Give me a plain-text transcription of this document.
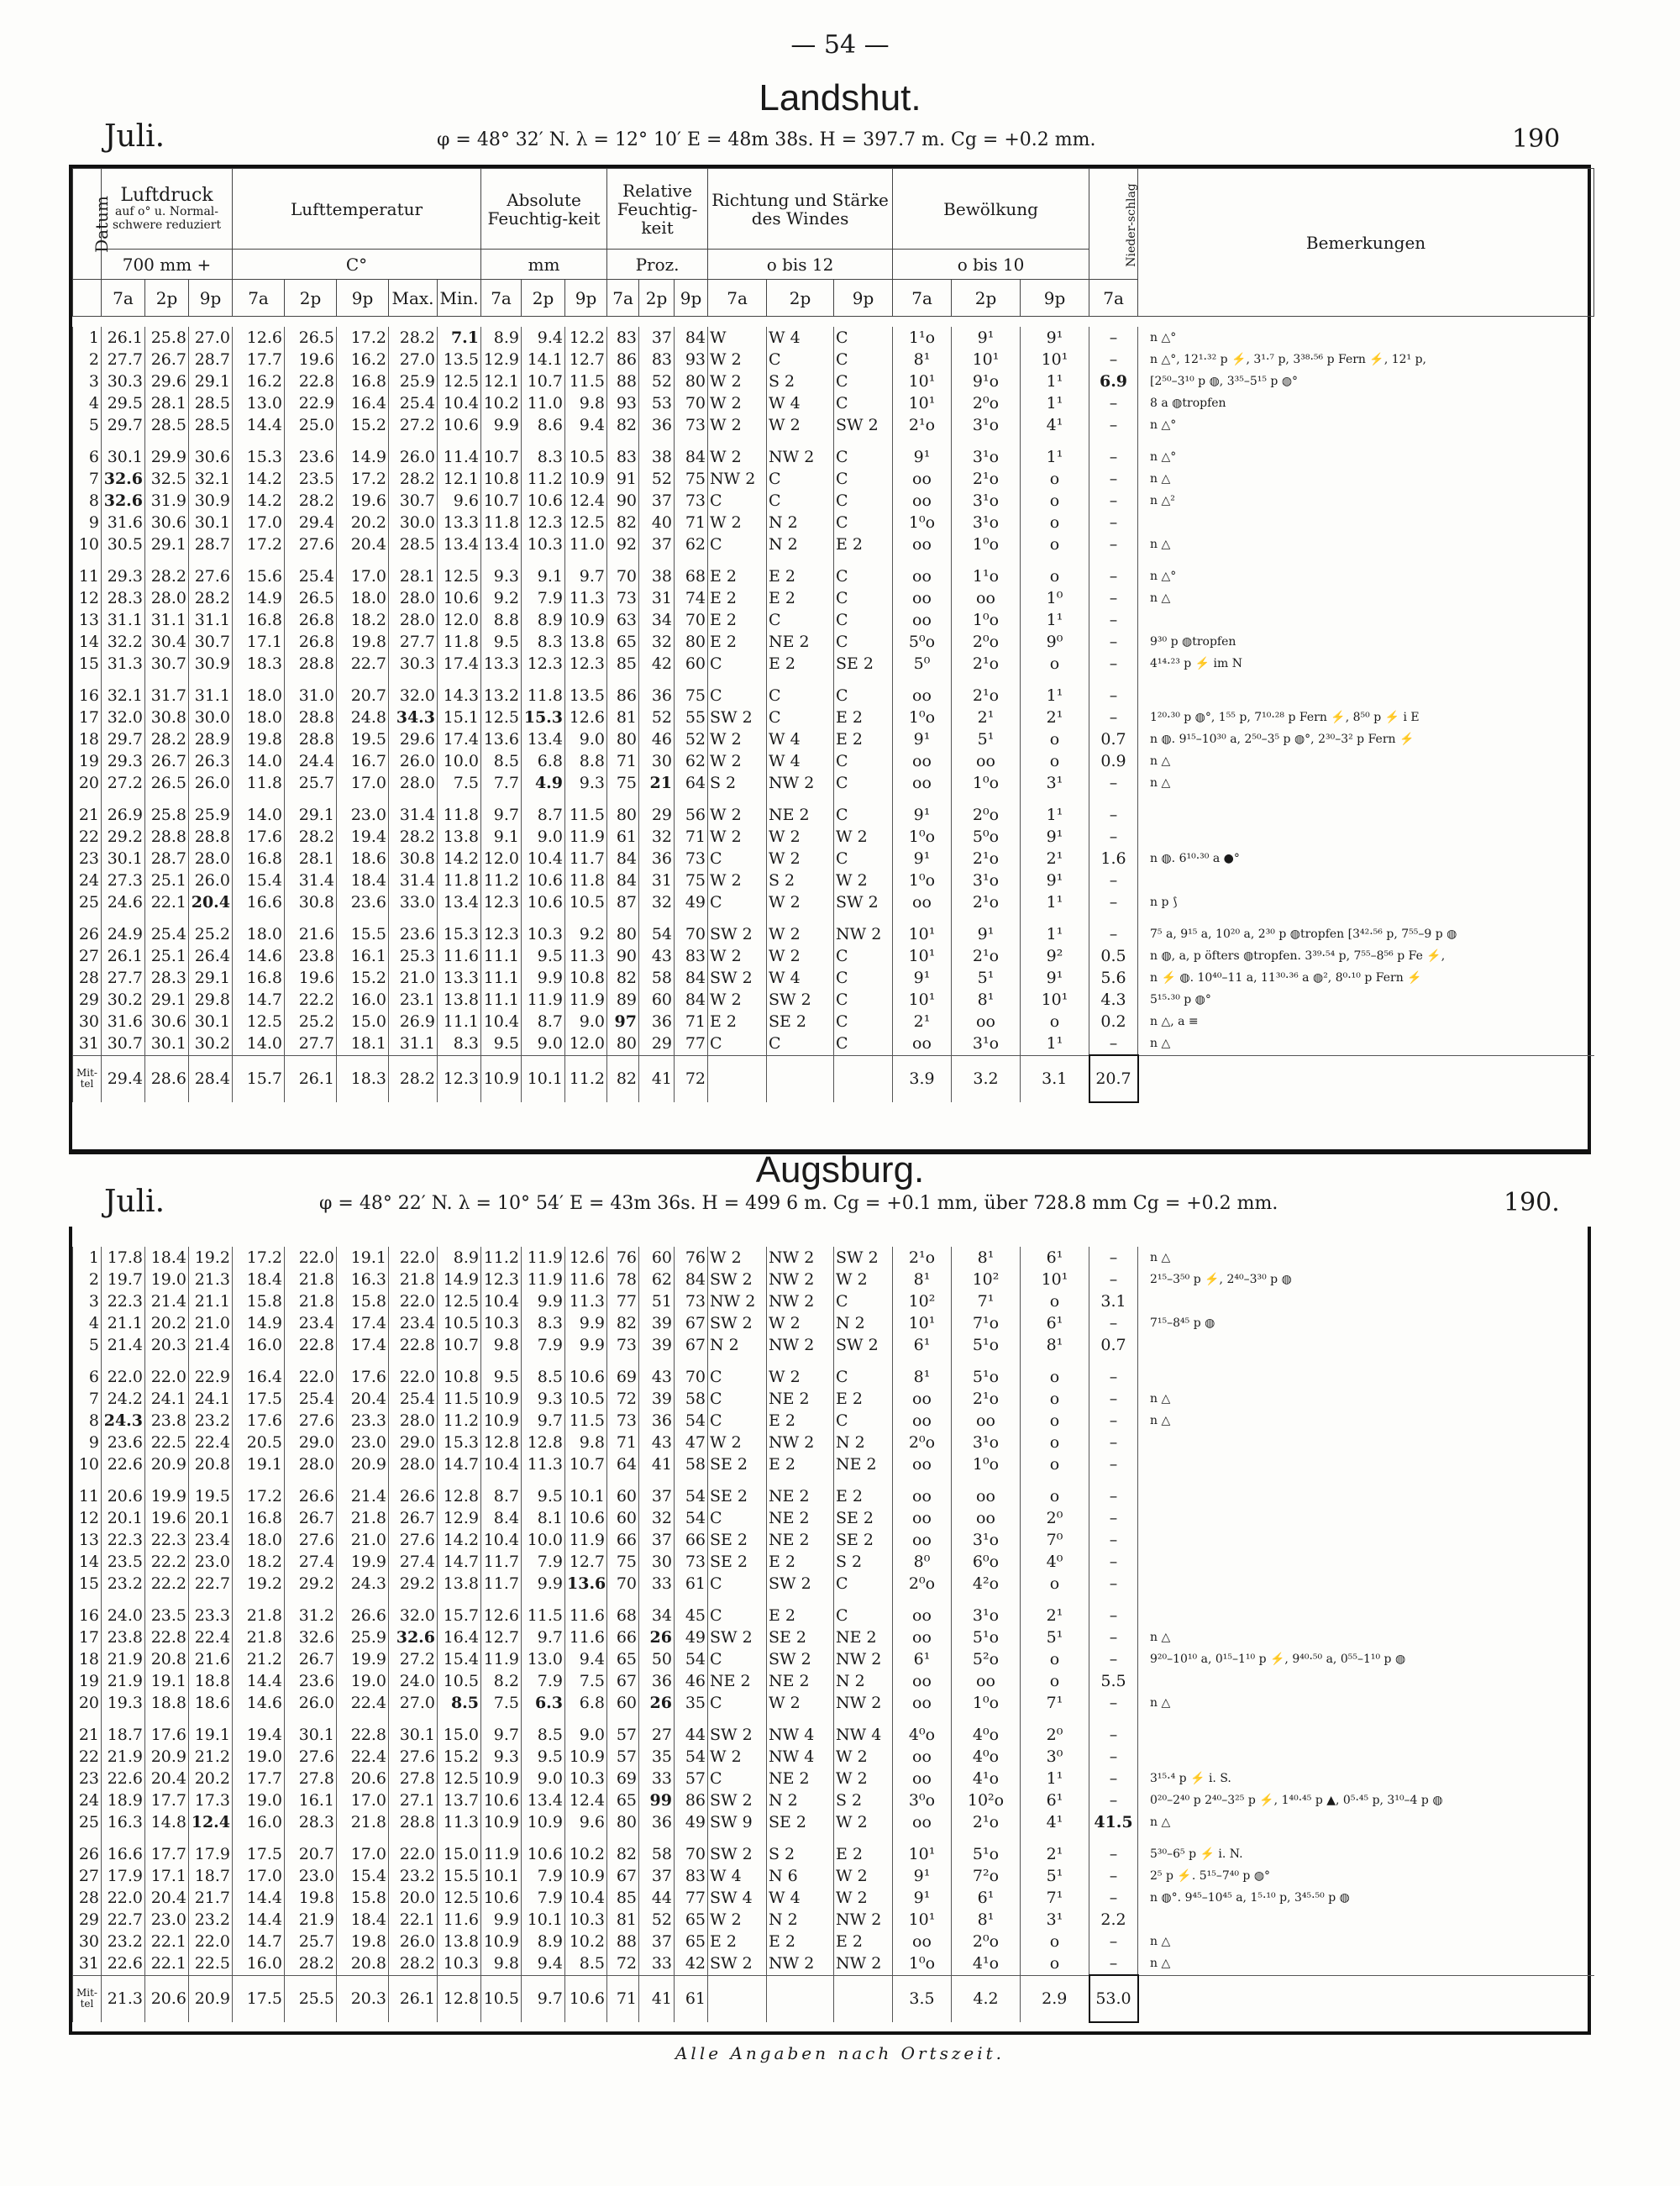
— 54 —
Landshut.
Juli.	φ = 48° 32′ N. λ = 12° 10′ E = 48m 38s. H = 397.7 m. Cg = +0.2 mm.	190
Datum	Luftdruck
auf o° u. Normal-schwere reduziert			Lufttemperatur					Absolute Feuchtig-keit			Relative Feuchtig-keit			Richtung und Stärke des Windes			Bewölkung			Nieder-schlag	Bemerkungen
	700 mm +			C°					mm			Proz.			o bis 12			o bis 10				
	7a	2p	9p	7a	2p	9p	Max.	Min.	7a	2p	9p	7a	2p	9p	7a	2p	9p	7a	2p	9p	7a	
1	26.1	25.8	27.0	12.6	26.5	17.2	28.2	7.1	8.9	9.4	12.2	83	37	84	W	W 4	C	1¹o	9¹	9¹	–	n △°
2	27.7	26.7	28.7	17.7	19.6	16.2	27.0	13.5	12.9	14.1	12.7	86	83	93	W 2	C	C	8¹	10¹	10¹	–	n △°, 12¹·³² p ⚡, 3¹·⁷ p, 3³⁸·⁵⁶ p Fern ⚡, 12¹ p,
3	30.3	29.6	29.1	16.2	22.8	16.8	25.9	12.5	12.1	10.7	11.5	88	52	80	W 2	S 2	C	10¹	9¹o	1¹	6.9	[2⁵⁰–3¹⁰ p ◍, 3³⁵–5¹⁵ p ◍°
4	29.5	28.1	28.5	13.0	22.9	16.4	25.4	10.4	10.2	11.0	9.8	93	53	70	W 2	W 4	C	10¹	2⁰o	1¹	–	8 a ◍tropfen
5	29.7	28.5	28.5	14.4	25.0	15.2	27.2	10.6	9.9	8.6	9.4	82	36	73	W 2	W 2	SW 2	2¹o	3¹o	4¹	–	n △°

6	30.1	29.9	30.6	15.3	23.6	14.9	26.0	11.4	10.7	8.3	10.5	83	38	84	W 2	NW 2	C	9¹	3¹o	1¹	–	n △°
7	32.6	32.5	32.1	14.2	23.5	17.2	28.2	12.1	10.8	11.2	10.9	91	52	75	NW 2	C	C	oo	2¹o	o	–	n △
8	32.6	31.9	30.9	14.2	28.2	19.6	30.7	9.6	10.7	10.6	12.4	90	37	73	C	C	C	oo	3¹o	o	–	n △²
9	31.6	30.6	30.1	17.0	29.4	20.2	30.0	13.3	11.8	12.3	12.5	82	40	71	W 2	N 2	C	1⁰o	3¹o	o	–	
10	30.5	29.1	28.7	17.2	27.6	20.4	28.5	13.4	13.4	10.3	11.0	92	37	62	C	N 2	E 2	oo	1⁰o	o	–	n △

11	29.3	28.2	27.6	15.6	25.4	17.0	28.1	12.5	9.3	9.1	9.7	70	38	68	E 2	E 2	C	oo	1¹o	o	–	n △°
12	28.3	28.0	28.2	14.9	26.5	18.0	28.0	10.6	9.2	7.9	11.3	73	31	74	E 2	E 2	C	oo	oo	1⁰	–	n △
13	31.1	31.1	31.1	16.8	26.8	18.2	28.0	12.0	8.8	8.9	10.9	63	34	70	E 2	C	C	oo	1⁰o	1¹	–	
14	32.2	30.4	30.7	17.1	26.8	19.8	27.7	11.8	9.5	8.3	13.8	65	32	80	E 2	NE 2	C	5⁰o	2⁰o	9⁰	–	9³⁰ p ◍tropfen
15	31.3	30.7	30.9	18.3	28.8	22.7	30.3	17.4	13.3	12.3	12.3	85	42	60	C	E 2	SE 2	5⁰	2¹o	o	–	4¹⁴·²³ p ⚡ im N

16	32.1	31.7	31.1	18.0	31.0	20.7	32.0	14.3	13.2	11.8	13.5	86	36	75	C	C	C	oo	2¹o	1¹	–	
17	32.0	30.8	30.0	18.0	28.8	24.8	34.3	15.1	12.5	15.3	12.6	81	52	55	SW 2	C	E 2	1⁰o	2¹	2¹	–	1²⁰·³⁰ p ◍°, 1⁵⁵ p, 7¹⁰·²⁸ p Fern ⚡, 8⁵⁰ p ⚡ i E
18	29.7	28.2	28.9	19.8	28.8	19.5	29.6	17.4	13.6	13.4	9.0	80	46	52	W 2	W 4	E 2	9¹	5¹	o	0.7	n ◍. 9¹⁵–10³⁰ a, 2⁵⁰–3⁵ p ◍°, 2³⁰–3² p Fern ⚡
19	29.3	26.7	26.3	14.0	24.4	16.7	26.0	10.0	8.5	6.8	8.8	71	30	62	W 2	W 4	C	oo	oo	o	0.9	n △
20	27.2	26.5	26.0	11.8	25.7	17.0	28.0	7.5	7.7	4.9	9.3	75	21	64	S 2	NW 2	C	oo	1⁰o	3¹	–	n △

21	26.9	25.8	25.9	14.0	29.1	23.0	31.4	11.8	9.7	8.7	11.5	80	29	56	W 2	NE 2	C	9¹	2⁰o	1¹	–	
22	29.2	28.8	28.8	17.6	28.2	19.4	28.2	13.8	9.1	9.0	11.9	61	32	71	W 2	W 2	W 2	1⁰o	5⁰o	9¹	–	
23	30.1	28.7	28.0	16.8	28.1	18.6	30.8	14.2	12.0	10.4	11.7	84	36	73	C	W 2	C	9¹	2¹o	2¹	1.6	n ◍. 6¹⁰·³⁰ a ●°
24	27.3	25.1	26.0	15.4	31.4	18.4	31.4	11.8	11.2	10.6	11.8	84	31	75	W 2	S 2	W 2	1⁰o	3¹o	9¹	–	
25	24.6	22.1	20.4	16.6	30.8	23.6	33.0	13.4	12.3	10.6	10.5	87	32	49	C	W 2	SW 2	oo	2¹o	1¹	–	n p ⟆

26	24.9	25.4	25.2	18.0	21.6	15.5	23.6	15.3	12.3	10.3	9.2	80	54	70	SW 2	W 2	NW 2	10¹	9¹	1¹	–	7⁵ a, 9¹⁵ a, 10²⁰ a, 2³⁰ p ◍tropfen [3⁴²·⁵⁶ p, 7⁵⁵–9 p ◍
27	26.1	25.1	26.4	14.6	23.8	16.1	25.3	11.6	11.1	9.5	11.3	90	43	83	W 2	W 2	C	10¹	2¹o	9²	0.5	n ◍, a, p öfters ◍tropfen. 3³⁹·⁵⁴ p, 7⁵⁵–8⁵⁶ p Fe ⚡,
28	27.7	28.3	29.1	16.8	19.6	15.2	21.0	13.3	11.1	9.9	10.8	82	58	84	SW 2	W 4	C	9¹	5¹	9¹	5.6	n ⚡ ◍. 10⁴⁰–11 a, 11³⁰·³⁶ a ◍², 8⁰·¹⁰ p Fern ⚡
29	30.2	29.1	29.8	14.7	22.2	16.0	23.1	13.8	11.1	11.9	11.9	89	60	84	W 2	SW 2	C	10¹	8¹	10¹	4.3	5¹⁵·³⁰ p ◍°
30	31.6	30.6	30.1	12.5	25.2	15.0	26.9	11.1	10.4	8.7	9.0	97	36	71	E 2	SE 2	C	2¹	oo	o	0.2	n △, a ≡
31	30.7	30.1	30.2	14.0	27.7	18.1	31.1	8.3	9.5	9.0	12.0	80	29	77	C	C	C	oo	3¹o	1¹	–	n △
Mit-tel	29.4	28.6	28.4	15.7	26.1	18.3	28.2	12.3	10.9	10.1	11.2	82	41	72				3.9	3.2	3.1	20.7	
Augsburg.
Juli.	φ = 48° 22′ N. λ = 10° 54′ E = 43m 36s. H = 499 6 m. Cg = +0.1 mm, über 728.8 mm Cg = +0.2 mm.	190.
1	17.8	18.4	19.2	17.2	22.0	19.1	22.0	8.9	11.2	11.9	12.6	76	60	76	W 2	NW 2	SW 2	2¹o	8¹	6¹	–	n △
2	19.7	19.0	21.3	18.4	21.8	16.3	21.8	14.9	12.3	11.9	11.6	78	62	84	SW 2	NW 2	W 2	8¹	10²	10¹	–	2¹⁵–3⁵⁰ p ⚡, 2⁴⁰–3³⁰ p ◍
3	22.3	21.4	21.1	15.8	21.8	15.8	22.0	12.5	10.4	9.9	11.3	77	51	73	NW 2	NW 2	C	10²	7¹	o	3.1	
4	21.1	20.2	21.0	14.9	23.4	17.4	23.4	10.5	10.3	8.3	9.9	82	39	67	SW 2	W 2	N 2	10¹	7¹o	6¹	–	7¹⁵–8⁴⁵ p ◍
5	21.4	20.3	21.4	16.0	22.8	17.4	22.8	10.7	9.8	7.9	9.9	73	39	67	N 2	NW 2	SW 2	6¹	5¹o	8¹	0.7	

6	22.0	22.0	22.9	16.4	22.0	17.6	22.0	10.8	9.5	8.5	10.6	69	43	70	C	W 2	C	8¹	5¹o	o	–	
7	24.2	24.1	24.1	17.5	25.4	20.4	25.4	11.5	10.9	9.3	10.5	72	39	58	C	NE 2	E 2	oo	2¹o	o	–	n △
8	24.3	23.8	23.2	17.6	27.6	23.3	28.0	11.2	10.9	9.7	11.5	73	36	54	C	E 2	C	oo	oo	o	–	n △
9	23.6	22.5	22.4	20.5	29.0	23.0	29.0	15.3	12.8	12.8	9.8	71	43	47	W 2	NW 2	N 2	2⁰o	3¹o	o	–	
10	22.6	20.9	20.8	19.1	28.0	20.9	28.0	14.7	10.4	11.3	10.7	64	41	58	SE 2	E 2	NE 2	oo	1⁰o	o	–	

11	20.6	19.9	19.5	17.2	26.6	21.4	26.6	12.8	8.7	9.5	10.1	60	37	54	SE 2	NE 2	E 2	oo	oo	o	–	
12	20.1	19.6	20.1	16.8	26.7	21.8	26.7	12.9	8.4	8.1	10.6	60	32	54	C	NE 2	SE 2	oo	oo	2⁰	–	
13	22.3	22.3	23.4	18.0	27.6	21.0	27.6	14.2	10.4	10.0	11.9	66	37	66	SE 2	NE 2	SE 2	oo	3¹o	7⁰	–	
14	23.5	22.2	23.0	18.2	27.4	19.9	27.4	14.7	11.7	7.9	12.7	75	30	73	SE 2	E 2	S 2	8⁰	6⁰o	4⁰	–	
15	23.2	22.2	22.7	19.2	29.2	24.3	29.2	13.8	11.7	9.9	13.6	70	33	61	C	SW 2	C	2⁰o	4²o	o	–	

16	24.0	23.5	23.3	21.8	31.2	26.6	32.0	15.7	12.6	11.5	11.6	68	34	45	C	E 2	C	oo	3¹o	2¹	–	
17	23.8	22.8	22.4	21.8	32.6	25.9	32.6	16.4	12.7	9.7	11.6	66	26	49	SW 2	SE 2	NE 2	oo	5¹o	5¹	–	n △
18	21.9	20.8	21.6	21.2	26.7	19.9	27.2	15.4	11.9	13.0	9.4	65	50	54	C	SW 2	NW 2	6¹	5²o	o	–	9²⁰–10¹⁰ a, 0¹⁵–1¹⁰ p ⚡, 9⁴⁰·⁵⁰ a, 0⁵⁵–1¹⁰ p ◍
19	21.9	19.1	18.8	14.4	23.6	19.0	24.0	10.5	8.2	7.9	7.5	67	36	46	NE 2	NE 2	N 2	oo	oo	o	5.5	
20	19.3	18.8	18.6	14.6	26.0	22.4	27.0	8.5	7.5	6.3	6.8	60	26	35	C	W 2	NW 2	oo	1⁰o	7¹	–	n △

21	18.7	17.6	19.1	19.4	30.1	22.8	30.1	15.0	9.7	8.5	9.0	57	27	44	SW 2	NW 4	NW 4	4⁰o	4⁰o	2⁰	–	
22	21.9	20.9	21.2	19.0	27.6	22.4	27.6	15.2	9.3	9.5	10.9	57	35	54	W 2	NW 4	W 2	oo	4⁰o	3⁰	–	
23	22.6	20.4	20.2	17.7	27.8	20.6	27.8	12.5	10.9	9.0	10.3	69	33	57	C	NE 2	W 2	oo	4¹o	1¹	–	3¹⁵·⁴ p ⚡ i. S.
24	18.9	17.7	17.3	19.0	16.1	17.0	27.1	13.7	10.6	13.4	12.4	65	99	86	SW 2	N 2	S 2	3⁰o	10²o	6¹	–	0²⁰–2⁴⁰ p 2⁴⁰–3²⁵ p ⚡, 1⁴⁰·⁴⁵ p ▲, 0⁵·⁴⁵ p, 3¹⁰–4 p ◍
25	16.3	14.8	12.4	16.0	28.3	21.8	28.8	11.3	10.9	10.9	9.6	80	36	49	SW 9	SE 2	W 2	oo	2¹o	4¹	41.5	n △

26	16.6	17.7	17.9	17.5	20.7	17.0	22.0	15.0	11.9	10.6	10.2	82	58	70	SW 2	S 2	E 2	10¹	5¹o	2¹	–	5³⁰–6⁵ p ⚡ i. N.
27	17.9	17.1	18.7	17.0	23.0	15.4	23.2	15.5	10.1	7.9	10.9	67	37	83	W 4	N 6	W 2	9¹	7²o	5¹	–	2⁵ p ⚡. 5¹⁵–7⁴⁰ p ◍°
28	22.0	20.4	21.7	14.4	19.8	15.8	20.0	12.5	10.6	7.9	10.4	85	44	77	SW 4	W 4	W 2	9¹	6¹	7¹	–	n ◍°. 9⁴⁵–10⁴⁵ a, 1⁵·¹⁰ p, 3⁴⁵·⁵⁰ p ◍
29	22.7	23.0	23.2	14.4	21.9	18.4	22.1	11.6	9.9	10.1	10.3	81	52	65	W 2	N 2	NW 2	10¹	8¹	3¹	2.2	
30	23.2	22.1	22.0	14.7	25.7	19.8	26.0	13.8	10.9	8.9	10.2	88	37	65	E 2	E 2	E 2	oo	2⁰o	o	–	n △
31	22.6	22.1	22.5	16.0	28.2	20.8	28.2	10.3	9.8	9.4	8.5	72	33	42	SW 2	NW 2	NW 2	1⁰o	4¹o	o	–	n △
Mit-tel	21.3	20.6	20.9	17.5	25.5	20.3	26.1	12.8	10.5	9.7	10.6	71	41	61				3.5	4.2	2.9	53.0	
Alle Angaben nach Ortszeit.
